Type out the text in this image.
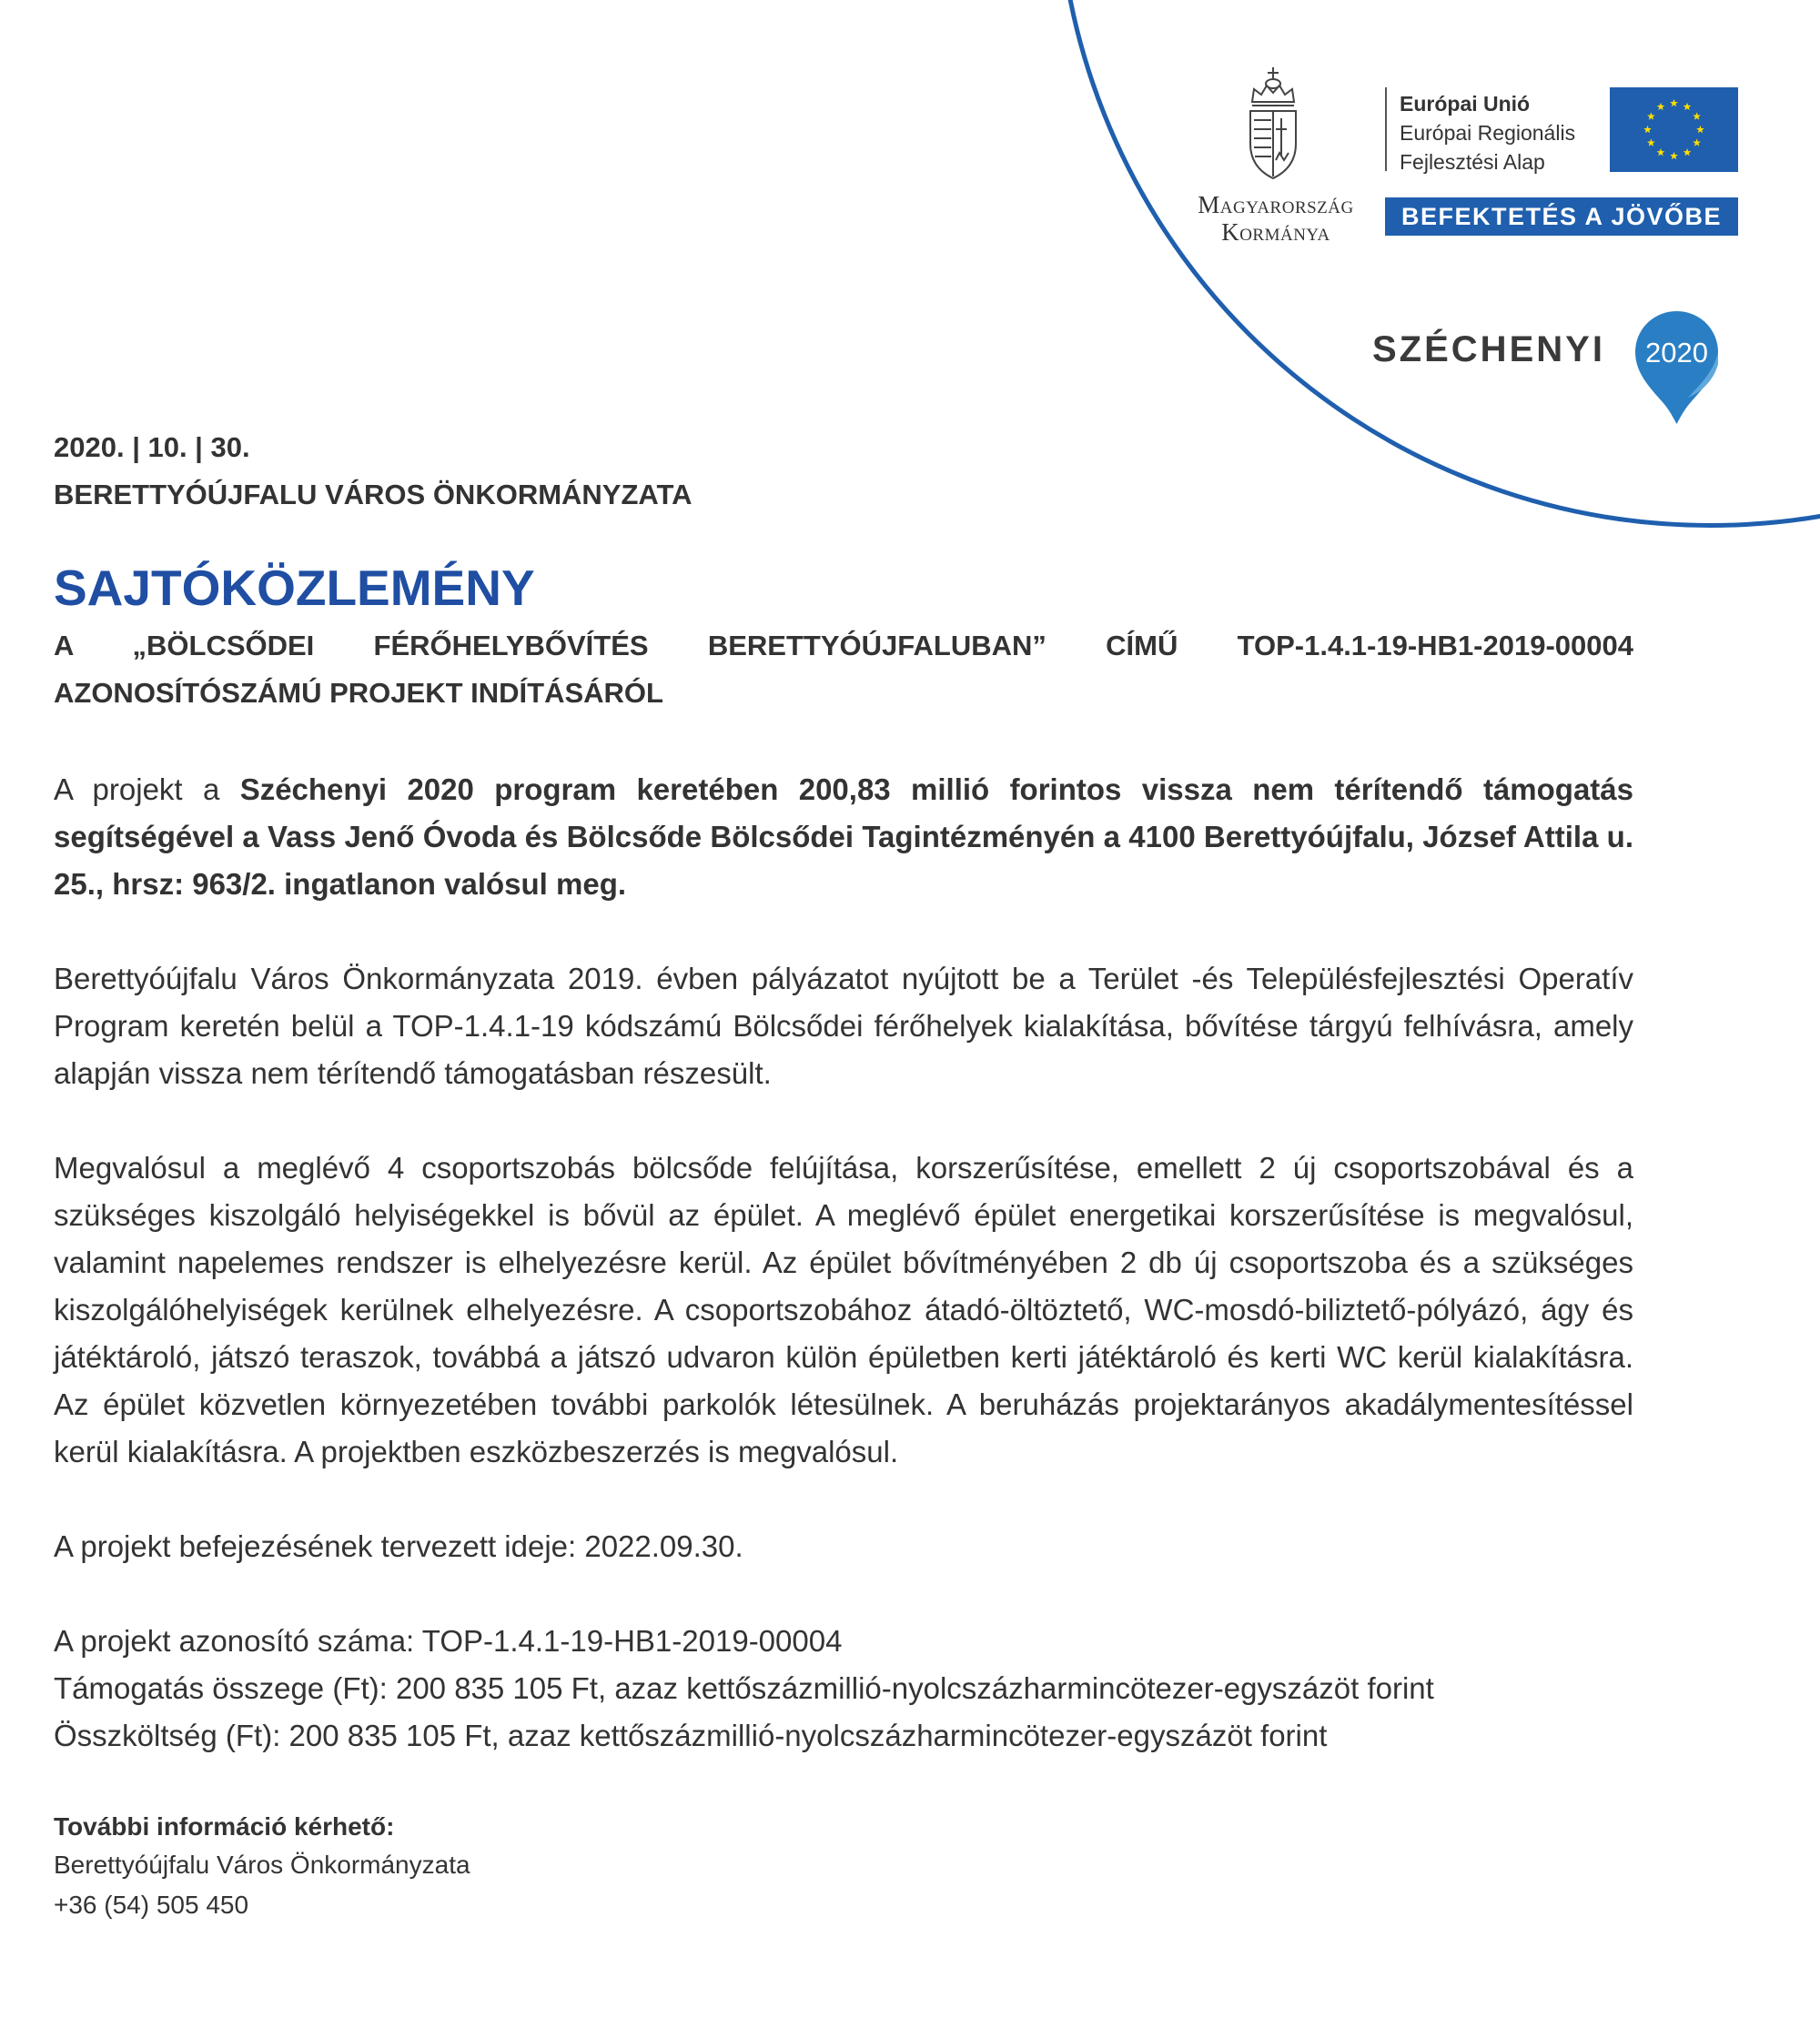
Magyarország
Kormánya
Európai Unió
Európai Regionális
Fejlesztési Alap
BEFEKTETÉS A JÖVŐBE
SZÉCHENYI 2020

2020. | 10. | 30.

BERETTYÓÚJFALU VÁROS ÖNKORMÁNYZATA

SAJTÓKÖZLEMÉNY

A „BÖLCSŐDEI FÉRŐHELYBŐVÍTÉS BERETTYÓÚJFALUBAN” CÍMŰ TOP-1.4.1-19-HB1-2019-00004 AZONOSÍTÓSZÁMÚ PROJEKT INDÍTÁSÁRÓL

A projekt a Széchenyi 2020 program keretében 200,83 millió forintos vissza nem térítendő támogatás segítségével a Vass Jenő Óvoda és Bölcsőde Bölcsődei Tagintézményén a 4100 Berettyóújfalu, József Attila u. 25., hrsz: 963/2. ingatlanon valósul meg.

Berettyóújfalu Város Önkormányzata 2019. évben pályázatot nyújtott be a Terület -és Településfejlesztési Operatív Program keretén belül a TOP-1.4.1-19 kódszámú Bölcsődei férőhelyek kialakítása, bővítése tárgyú felhívásra, amely alapján vissza nem térítendő támogatásban részesült.

Megvalósul a meglévő 4 csoportszobás bölcsőde felújítása, korszerűsítése, emellett 2 új csoportszobával és a szükséges kiszolgáló helyiségekkel is bővül az épület. A meglévő épület energetikai korszerűsítése is megvalósul, valamint napelemes rendszer is elhelyezésre kerül. Az épület bővítményében 2 db új csoportszoba és a szükséges kiszolgálóhelyiségek kerülnek elhelyezésre. A csoportszobához átadó-öltöztető, WC-mosdó-biliztető-pólyázó, ágy és játéktároló, játszó teraszok, továbbá a játszó udvaron külön épületben kerti játéktároló és kerti WC kerül kialakításra. Az épület közvetlen környezetében további parkolók létesülnek. A beruházás projektarányos akadálymentesítéssel kerül kialakításra. A projektben eszközbeszerzés is megvalósul.

A projekt befejezésének tervezett ideje: 2022.09.30.

A projekt azonosító száma: TOP-1.4.1-19-HB1-2019-00004

Támogatás összege (Ft): 200 835 105 Ft, azaz kettőszázmillió-nyolcszázharmincötezer-egyszázöt forint

Összköltség (Ft): 200 835 105 Ft, azaz kettőszázmillió-nyolcszázharmincötezer-egyszázöt forint

További információ kérhető:

Berettyóújfalu Város Önkormányzata

+36 (54) 505 450
